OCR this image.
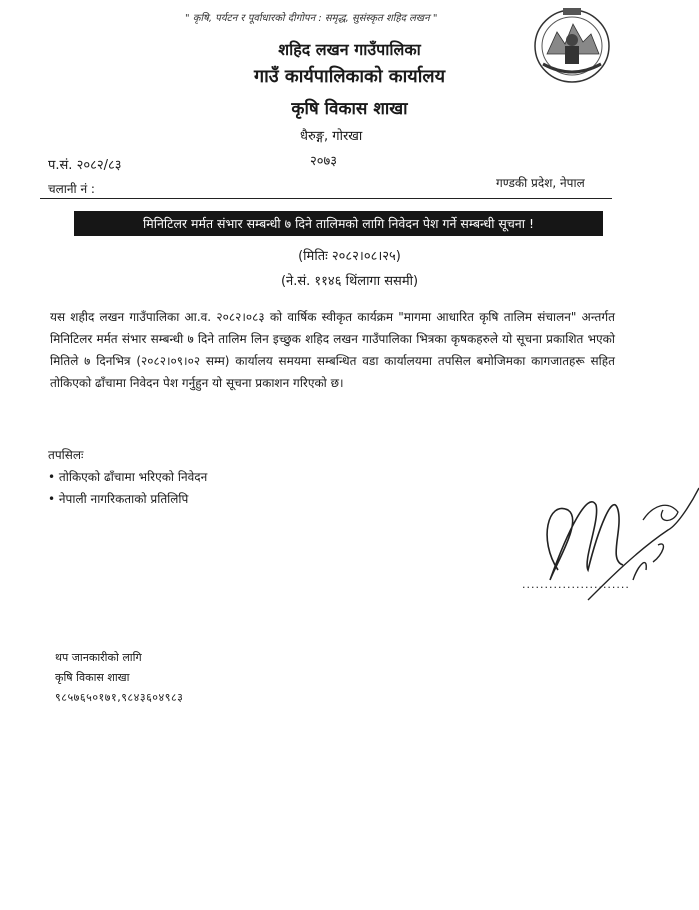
" कृषि, पर्यटन र पूर्वाधारको दीगोपन : समृद्ध, सुसंस्कृत शहिद लखन "
शहिद लखन गाउँपालिका
गाउँ कार्यपालिकाको कार्यालय
कृषि विकास शाखा
धैरुङ्ग, गोरखा
२०७३
प.सं. २०८२/८३
चलानी नं :	गण्डकी प्रदेश, नेपाल
मिनिटिलर मर्मत संभार सम्बन्धी ७ दिने तालिमको लागि निवेदन पेश गर्ने सम्बन्धी सूचना !
(मितिः २०८२।०८।२५)
(ने.सं. ११४६ थिंलागा ससमी)
यस शहीद लखन गाउँपालिका आ.व. २०८२।०८३ को वार्षिक स्वीकृत कार्यक्रम "मागमा आधारित कृषि तालिम संचालन" अन्तर्गत मिनिटिलर मर्मत संभार सम्बन्धी ७ दिने तालिम लिन इच्छुक शहिद लखन गाउँपालिका भित्रका कृषकहरुले यो सूचना प्रकाशित भएको मितिले ७ दिनभित्र (२०८२।०९।०२ सम्म) कार्यालय समयमा सम्बन्धित वडा कार्यालयमा तपसिल बमोजिमका कागजातहरू सहित तोकिएको ढाँचामा निवेदन पेश गर्नुहुन यो सूचना प्रकाशन गरिएको छ।
तपसिलः
• तोकिएको ढाँचामा भरिएको निवेदन
• नेपाली नागरिकताको प्रतिलिपि
........................
थप जानकारीको लागि
कृषि विकास शाखा
९८५७६५०१७१,९८४३६०४९८३
